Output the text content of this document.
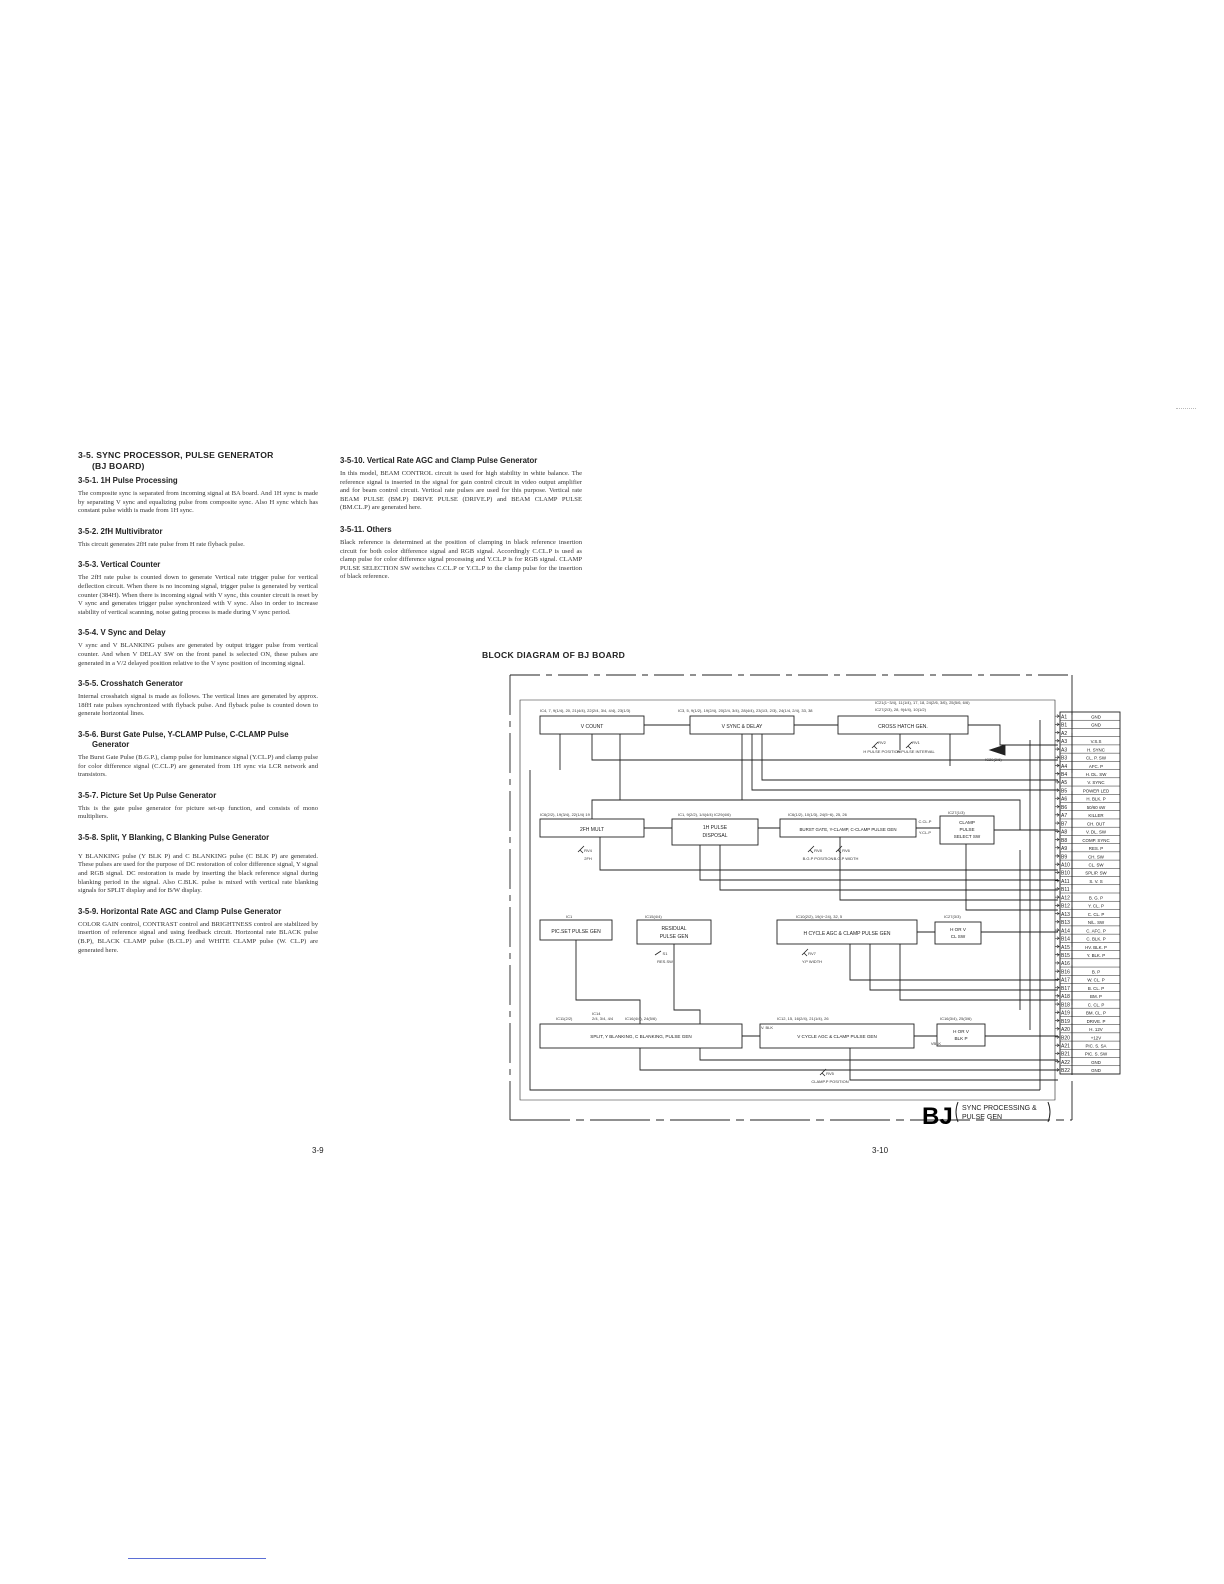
3-5. SYNC PROCESSOR, PULSE GENERATOR
(BJ BOARD)
3-5-1. 1H Pulse Processing

The composite sync is separated from incoming signal at BA board. And 1H sync is made by separating V sync and equalizing pulse from composite sync. Also H sync which has constant pulse width is made from 1H sync.

3-5-2. 2fH Multivibrator

This circuit generates 2fH rate pulse from H rate flyback pulse.

3-5-3. Vertical Counter

The 2fH rate pulse is counted down to generate Vertical rate trigger pulse for vertical deflection circuit. When there is no incoming signal, trigger pulse is generated by vertical counter (384H). When there is incoming signal with V sync, this counter circuit is reset by V sync and generates trigger pulse synchronized with V sync. Also in order to increase stability of vertical scanning, noise gating process is made during V sync period.

3-5-4. V Sync and Delay

V sync and V BLANKING pulses are generated by output trigger pulse from vertical counter. And when V DELAY SW on the front panel is selected ON, these pulses are generated in a V/2 delayed position relative to the V sync position of incoming signal.

3-5-5. Crosshatch Generator

Internal crosshatch signal is made as follows. The vertical lines are generated by approx. 18fH rate pulses synchronized with flyback pulse. And flyback pulse is counted down to generate horizontal lines.

3-5-6. Burst Gate Pulse, Y-CLAMP Pulse, C-CLAMP Pulse
Generator

The Burst Gate Pulse (B.G.P.), clamp pulse for luminance signal (Y.CL.P) and clamp pulse for color difference signal (C.CL.P) are generated from 1H sync via LCR network and transistors.

3-5-7. Picture Set Up Pulse Generator

This is the gate pulse generator for picture set-up function, and consists of mono multipliers.

3-5-8. Split, Y Blanking, C Blanking Pulse Generator

Y BLANKING pulse (Y BLK P) and C BLANKING pulse (C BLK P) are generated. These pulses are used for the purpose of DC restoration of color difference signal, Y signal and RGB signal. DC restoration is made by inserting the black reference signal during blanking period in the signal. Also C.BLK. pulse is mixed with vertical rate blanking signals for SPLIT display and for B/W display.

3-5-9. Horizontal Rate AGC and Clamp Pulse Generator

COLOR GAIN control, CONTRAST control and BRIGHTNESS control are stabilized by insertion of reference signal and using feedback circuit. Horizontal rate BLACK pulse (B.P), BLACK CLAMP pulse (B.CL.P) and WHITE CLAMP pulse (W. CL.P) are generated here.

3-5-10. Vertical Rate AGC and Clamp Pulse Generator

In this model, BEAM CONTROL circuit is used for high stability in white balance. The reference signal is inserted in the signal for gain control circuit in video output amplifier and for beam control circuit. Vertical rate pulses are used for this purpose. Vertical rate BEAM PULSE (BM.P) DRIVE PULSE (DRIVE.P) and BEAM CLAMP PULSE (BM.CL.P) are generated here.

3-5-11. Others

Black reference is determined at the position of clamping in black reference insertion circuit for both color difference signal and RGB signal. Accordingly C.CL.P is used as clamp pulse for color difference signal processing and Y.CL.P is for RGB signal. CLAMP PULSE SELECTION SW switches C.CL.P or Y.CL.P to the clamp pulse for the insertion of black reference.

BLOCK DIAGRAM OF BJ BOARD
A1	GND
B1	GND
A2
A3	V.S.S
A3	H. SYNC
B3	CL. P. SW
A4	AFC. P
B4	H. DL. SW
A5	V. SYNC
B5	POWER LED
A6	H. BLK. P
B6	50/60 sW
A7	KILLER
B7	CH. OUT
A8	V. DL. SW
B8	COMP. SYNC
A9	RES. P
B9	CH. SW
A10	CL. SW
B10	SPLIP. SW
A11	S. V. S
B11
A12	B. G. P
B12	Y. CL. P
A13	C. CL. P
B13	N/L. SW
A14	C. AFC. P
B14	C. BLK. P
A15	HV. BLK. P
B15	Y. BLK. P
A16
B16	B. P
A17	W. CL. P
B17	B. CL. P
A18	BM. P
B18	C. CL. P
A19	BM. CL. P
B19	DRIVE. P
A20	H. 12V
B20	+12V
A21	PIC. S. SA
B21	PIC. S. SW
A22	GND
B22	GND
V COUNT	V SYNC & DELAY	CROSS HATCH GEN.
2FH MULT	1H PULSE
DISPOSAL
BURST GATE, Y-CLAMP, C-CLAMP PULSE GEN
CLAMP
PULSE
SELECT SW
PIC.SET PULSE GEN	RESIDUAL
PULSE GEN	H CYCLE AGC & CLAMP PULSE GEN
H OR V
CL SW
SPLIT, Y BLANKING, C BLANKING, PULSE GEN	V CYCLE AGC & CLAMP PULSE GEN
H OR V
BLK P
IC4, 7, 9(1/4), 20, 21(4/4), 22(2/4, 3/4, 4/4), 23(1/3)	IC3, 5, 9(1/2), 19(2/4), 20(2/4, 3/4), 28(4/4), 23(1/3, 2/3), 24(1/4, 2/4), 33, 38
IC21(1~3/4), 11(1/4), 17, 18, 24(2/6, 3/6), 25(5/6, 6/6)
IC27(2/3), 28, 9(4/4), 10(1/2)
IC29(2/6)
IC6(2/2), 19(3/4), 22(1/4) 19	IC1, 9(2/2), 1/4(4/4) IC29(4/6)	IC6(1/2), 10(1/3), 24(5~6), 25, 26	IC27(1/3)
IC1	IC15(4/4)	IC10(2/2), 19(4~24), 32, 5	IC27(3/3)
IC11(2/2)
IC14
2/4, 3/4, 4/4	IC16(4/4), 24(5/6)	IC12, 15, 16(2/4), 21(1/4), 26	IC16(3/4), 25(3/6)
RV2
H PULSE POSITION
RV1
H PULSE INTERVAL
RV4
2FH
RV8
B.G.P POSITION
RV6
B.G.P WIDTH
S1
RES.SW
RV7
Y.P WIDTH
RV5
CLAMP.P POSITION
C.CL.P
Y.CL.P
V. BLK
VBLK
BJ SYNC PROCESSING &
PULSE GEN
3-9	3-10
